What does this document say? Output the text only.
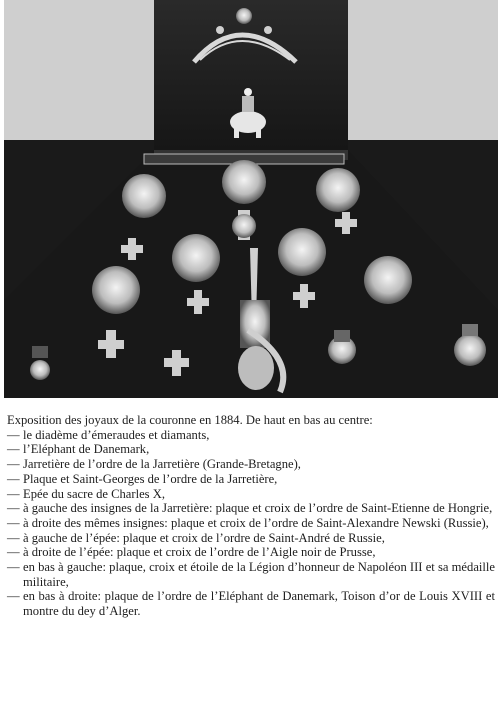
Exposition des joyaux de la couronne en 1884. De haut en bas au centre:

— le diadème d’émeraudes et diamants,
— l’Eléphant de Danemark,
— Jarretière de l’ordre de la Jarretière (Grande-Bretagne),
— Plaque et Saint-Georges de l’ordre de la Jarretière,
— Epée du sacre de Charles X,
— à gauche des insignes de la Jarretière: plaque et croix de l’ordre de Saint-Etienne de Hongrie,
— à droite des mêmes insignes: plaque et croix de l’ordre de Saint-Alexandre Newski (Russie),
— à gauche de l’épée: plaque et croix de l’ordre de Saint-André de Russie,
— à droite de l’épée: plaque et croix de l’ordre de l’Aigle noir de Prusse,
— en bas à gauche: plaque, croix et étoile de la Légion d’honneur de Napoléon III et sa médaille militaire,
— en bas à droite: plaque de l’ordre de l’Eléphant de Danemark, Toison d’or de Louis XVIII et montre du dey d’Alger.
